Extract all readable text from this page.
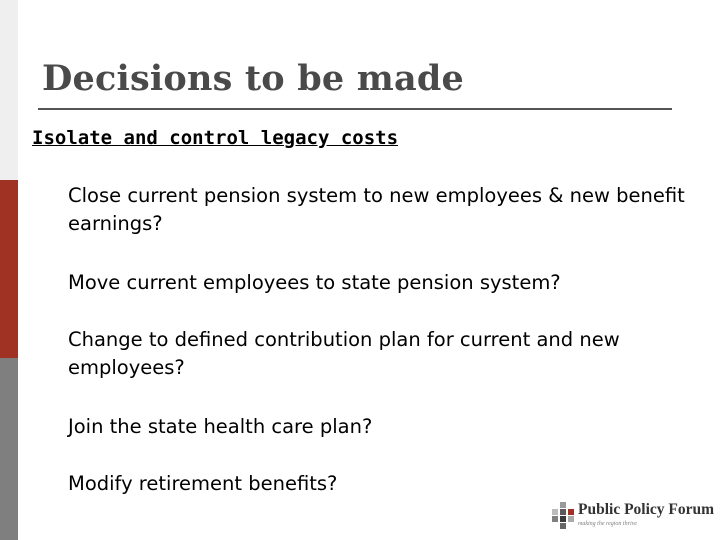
Decisions to be made
Isolate and control legacy costs

Close current pension system to new employees & new benefit earnings?

Move current employees to state pension system?

Change to defined contribution plan for current and new employees?

Join the state health care plan?

Modify retirement benefits?

Public Policy Forum
making the region thrive
